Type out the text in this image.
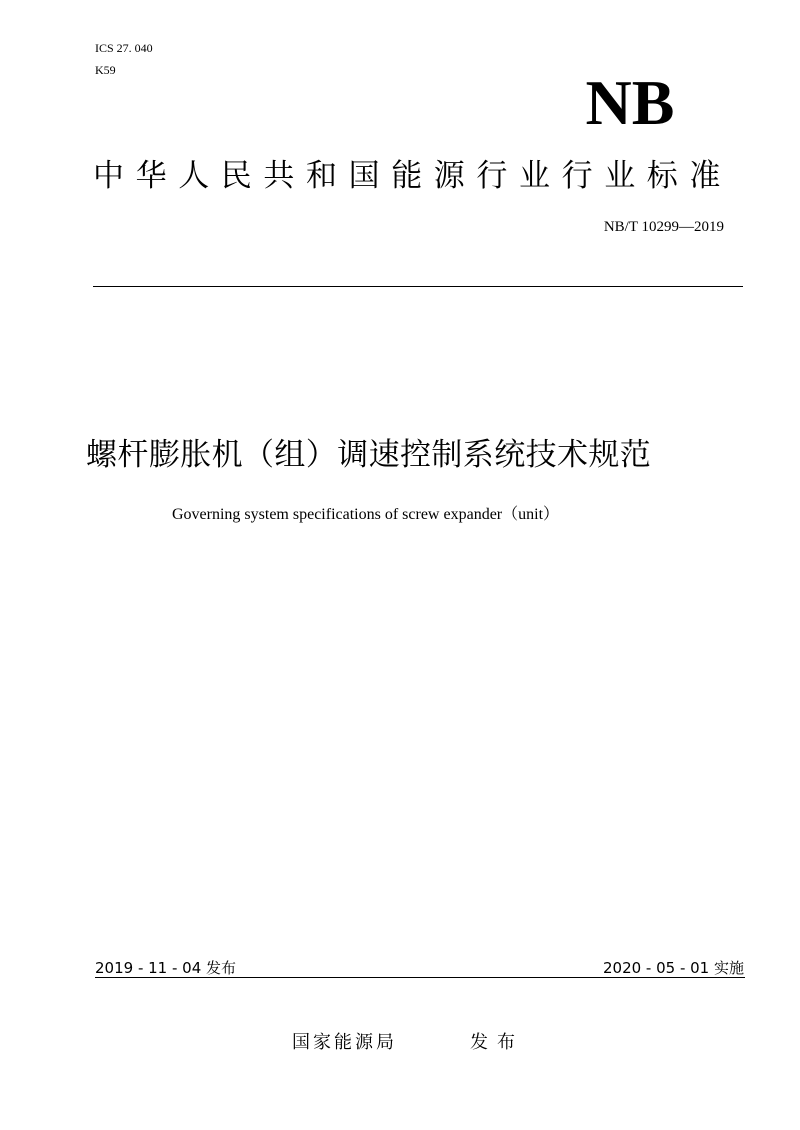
ICS 27. 040
K59	NB
中华人民共和国能源行业行业标准
NB/T 10299—2019
螺杆膨胀机（组）调速控制系统技术规范
Governing system specifications of screw expander（unit）
2019 - 11 - 04 发布	2020 - 05 - 01 实施
国家能源局	发布
